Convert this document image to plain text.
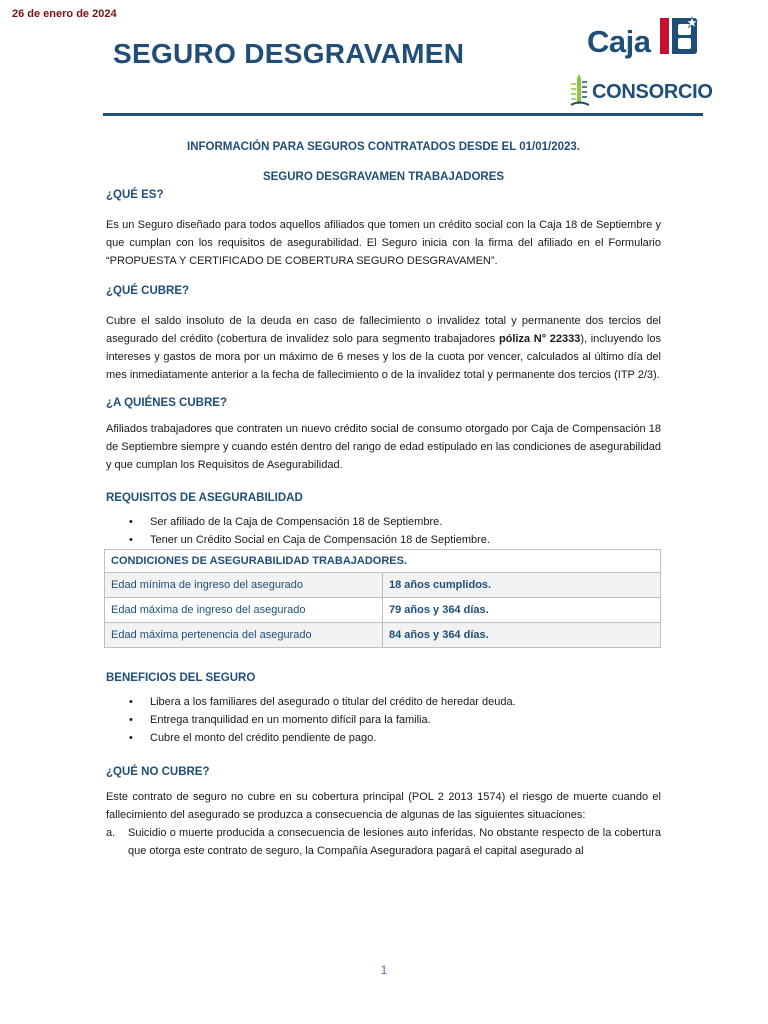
26 de enero de 2024
SEGURO DESGRAVAMEN	Caja
CONSORCIO
INFORMACIÓN PARA SEGUROS CONTRATADOS DESDE EL 01/01/2023.
SEGURO DESGRAVAMEN TRABAJADORES
¿QUÉ ES?

Es un Seguro diseñado para todos aquellos afiliados que tomen un crédito social con la Caja 18 de Septiembre y que cumplan con los requisitos de asegurabilidad. El Seguro inicia con la firma del afiliado en el Formulario “PROPUESTA Y CERTIFICADO DE COBERTURA SEGURO DESGRAVAMEN”.

¿QUÉ CUBRE?

Cubre el saldo insoluto de la deuda en caso de fallecimiento o invalidez total y permanente dos tercios del asegurado del crédito (cobertura de invalidez solo para segmento trabajadores póliza N° 22333), incluyendo los intereses y gastos de mora por un máximo de 6 meses y los de la cuota por vencer, calculados al último día del mes inmediatamente anterior a la fecha de fallecimiento o de la invalidez total y permanente dos tercios (ITP 2/3).

¿A QUIÉNES CUBRE?

Afiliados trabajadores que contraten un nuevo crédito social de consumo otorgado por Caja de Compensación 18 de Septiembre siempre y cuando estén dentro del rango de edad estipulado en las condiciones de asegurabilidad y que cumplan los Requisitos de Asegurabilidad.

REQUISITOS DE ASEGURABILIDAD
• Ser afiliado de la Caja de Compensación 18 de Septiembre.
• Tener un Crédito Social en Caja de Compensación 18 de Septiembre.
CONDICIONES DE ASEGURABILIDAD TRABAJADORES.	
Edad mínima de ingreso del asegurado	18 años cumplidos.
Edad máxima de ingreso del asegurado	79 años y 364 días.
Edad máxima pertenencia del asegurado	84 años y 364 días.
BENEFICIOS DEL SEGURO
• Libera a los familiares del asegurado o titular del crédito de heredar deuda.
• Entrega tranquilidad en un momento difícil para la familia.
• Cubre el monto del crédito pendiente de pago.
¿QUÉ NO CUBRE?

Este contrato de seguro no cubre en su cobertura principal (POL 2 2013 1574) el riesgo de muerte cuando el fallecimiento del asegurado se produzca a consecuencia de algunas de las siguientes situaciones:

a.	Suicidio o muerte producida a consecuencia de lesiones auto inferidas. No obstante respecto de la cobertura que otorga este contrato de seguro, la Compañía Aseguradora pagará el capital asegurado al
1
